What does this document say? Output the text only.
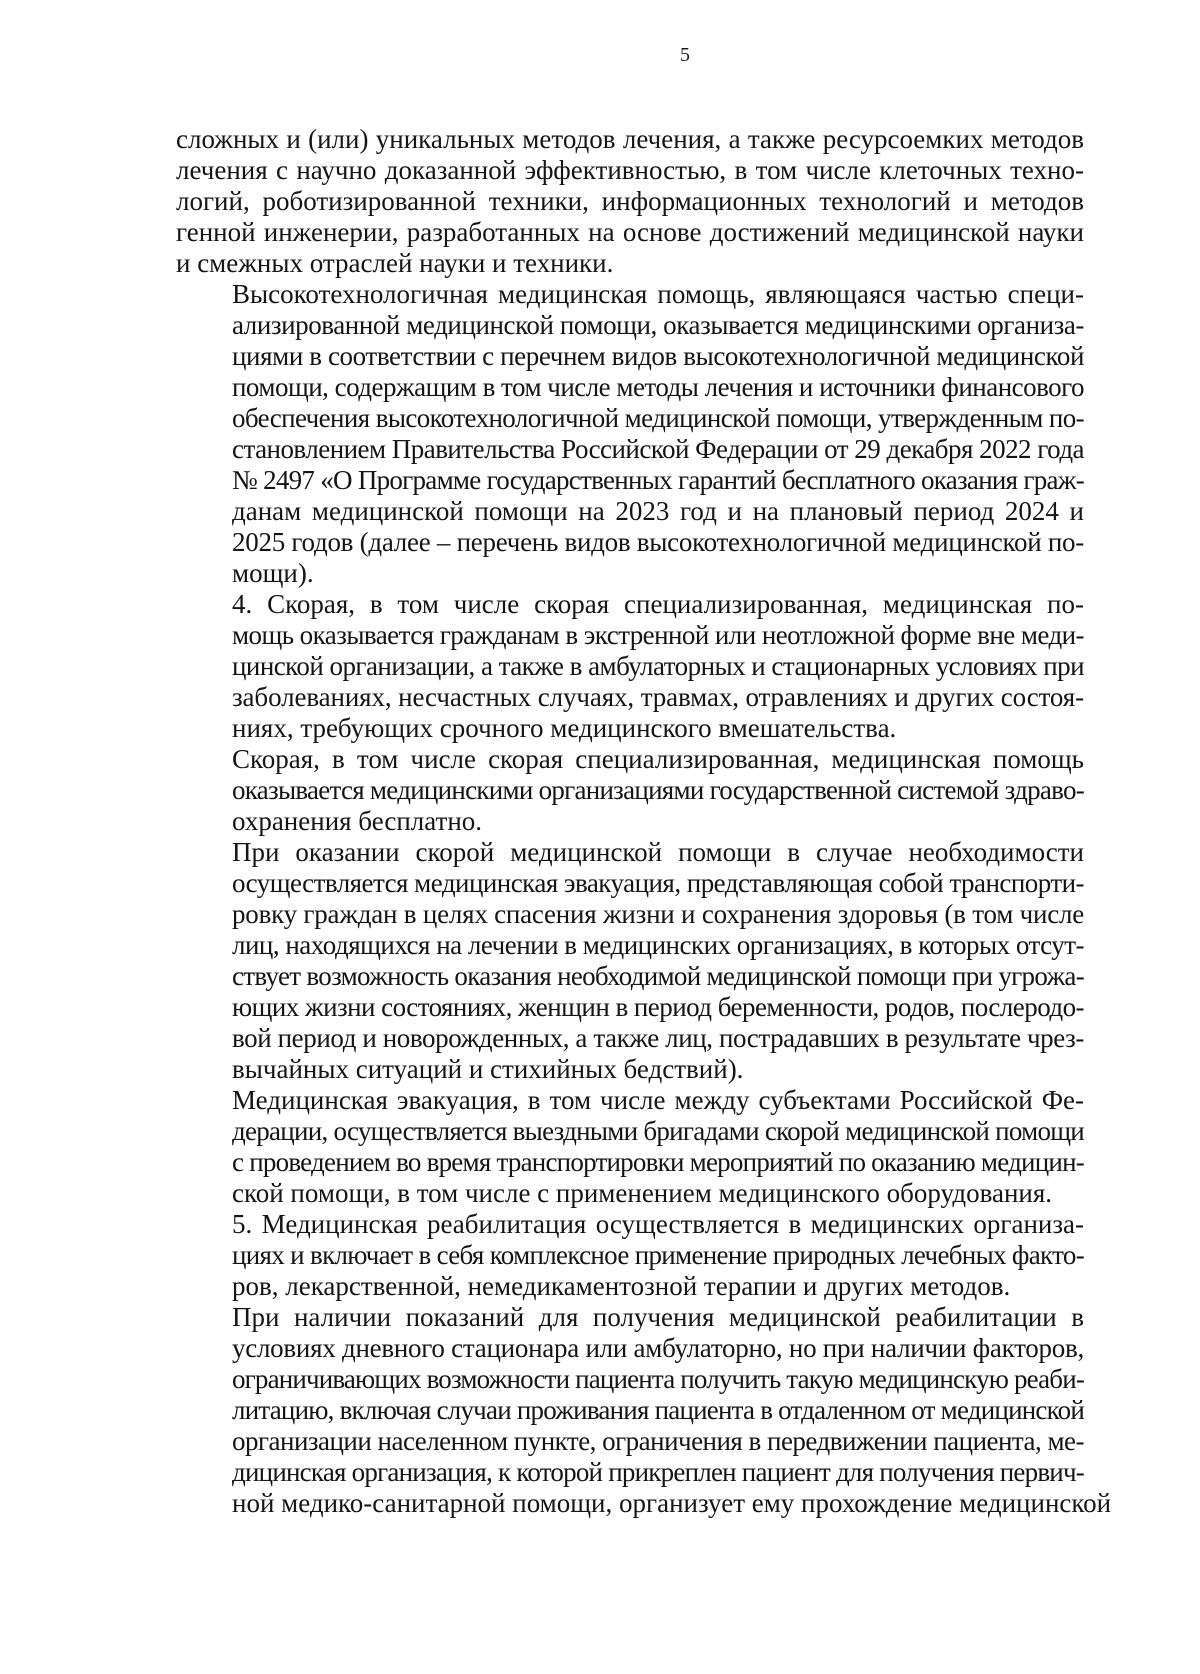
5
сложных и (или) уникальных методов лечения, а также ресурсоемких методов
лечения с научно доказанной эффективностью, в том числе клеточных техно-
логий, роботизированной техники, информационных технологий и методов
генной инженерии, разработанных на основе достижений медицинской науки
и смежных отраслей науки и техники.
Высокотехнологичная медицинская помощь, являющаяся частью специ-
ализированной медицинской помощи, оказывается медицинскими организа-
циями в соответствии с перечнем видов высокотехнологичной медицинской
помощи, содержащим в том числе методы лечения и источники финансового
обеспечения высокотехнологичной медицинской помощи, утвержденным по-
становлением Правительства Российской Федерации от 29 декабря 2022 года
№ 2497 «О Программе государственных гарантий бесплатного оказания граж-
данам медицинской помощи на 2023 год и на плановый период 2024 и
2025 годов (далее – перечень видов высокотехнологичной медицинской по-
мощи).
4. Скорая, в том числе скорая специализированная, медицинская по-
мощь оказывается гражданам в экстренной или неотложной форме вне меди-
цинской организации, а также в амбулаторных и стационарных условиях при
заболеваниях, несчастных случаях, травмах, отравлениях и других состоя-
ниях, требующих срочного медицинского вмешательства.
Скорая, в том числе скорая специализированная, медицинская помощь
оказывается медицинскими организациями государственной системой здраво-
охранения бесплатно.
При оказании скорой медицинской помощи в случае необходимости
осуществляется медицинская эвакуация, представляющая собой транспорти-
ровку граждан в целях спасения жизни и сохранения здоровья (в том числе
лиц, находящихся на лечении в медицинских организациях, в которых отсут-
ствует возможность оказания необходимой медицинской помощи при угрожа-
ющих жизни состояниях, женщин в период беременности, родов, послеродо-
вой период и новорожденных, а также лиц, пострадавших в результате чрез-
вычайных ситуаций и стихийных бедствий).
Медицинская эвакуация, в том числе между субъектами Российской Фе-
дерации, осуществляется выездными бригадами скорой медицинской помощи
с проведением во время транспортировки мероприятий по оказанию медицин-
ской помощи, в том числе с применением медицинского оборудования.
5. Медицинская реабилитация осуществляется в медицинских организа-
циях и включает в себя комплексное применение природных лечебных факто-
ров, лекарственной, немедикаментозной терапии и других методов.
При наличии показаний для получения медицинской реабилитации в
условиях дневного стационара или амбулаторно, но при наличии факторов,
ограничивающих возможности пациента получить такую медицинскую реаби-
литацию, включая случаи проживания пациента в отдаленном от медицинской
организации населенном пункте, ограничения в передвижении пациента, ме-
дицинская организация, к которой прикреплен пациент для получения первич-
ной медико-санитарной помощи, организует ему прохождение медицинской
